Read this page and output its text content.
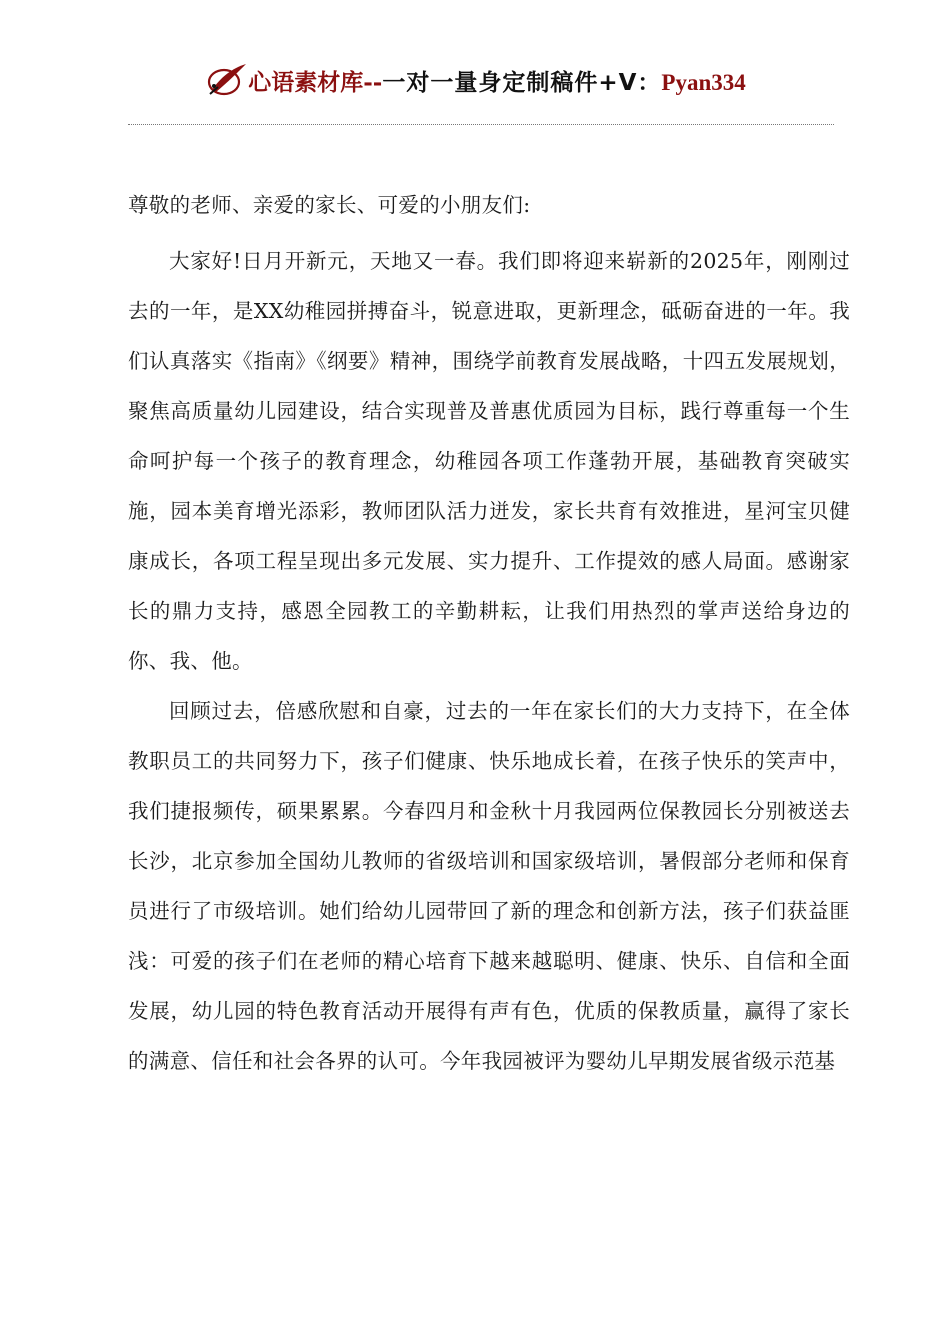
心语素材库 -- 一对一量身定制稿件+V： Pyan334

尊敬的老师、亲爱的家长、可爱的小朋友们:

大家好!日月开新元，天地又一春。我们即将迎来崭新的2025年，刚刚过去的一年，是XX幼稚园拼搏奋斗，锐意进取，更新理念，砥砺奋进的一年。我们认真落实《指南》《纲要》精神，围绕学前教育发展战略，十四五发展规划，聚焦高质量幼儿园建设，结合实现普及普惠优质园为目标，践行尊重每一个生命呵护每一个孩子的教育理念，幼稚园各项工作蓬勃开展，基础教育突破实施，园本美育增光添彩，教师团队活力迸发，家长共育有效推进，星河宝贝健康成长，各项工程呈现出多元发展、实力提升、工作提效的感人局面。感谢家长的鼎力支持，感恩全园教工的辛勤耕耘，让我们用热烈的掌声送给身边的你、我、他。

回顾过去，倍感欣慰和自豪，过去的一年在家长们的大力支持下，在全体教职员工的共同努力下，孩子们健康、快乐地成长着，在孩子快乐的笑声中，我们捷报频传，硕果累累。今春四月和金秋十月我园两位保教园长分别被送去长沙，北京参加全国幼儿教师的省级培训和国家级培训，暑假部分老师和保育员进行了市级培训。她们给幼儿园带回了新的理念和创新方法，孩子们获益匪浅：可爱的孩子们在老师的精心培育下越来越聪明、健康、快乐、自信和全面发展，幼儿园的特色教育活动开展得有声有色，优质的保教质量，赢得了家长的满意、信任和社会各界的认可。今年我园被评为婴幼儿早期发展省级示范基
